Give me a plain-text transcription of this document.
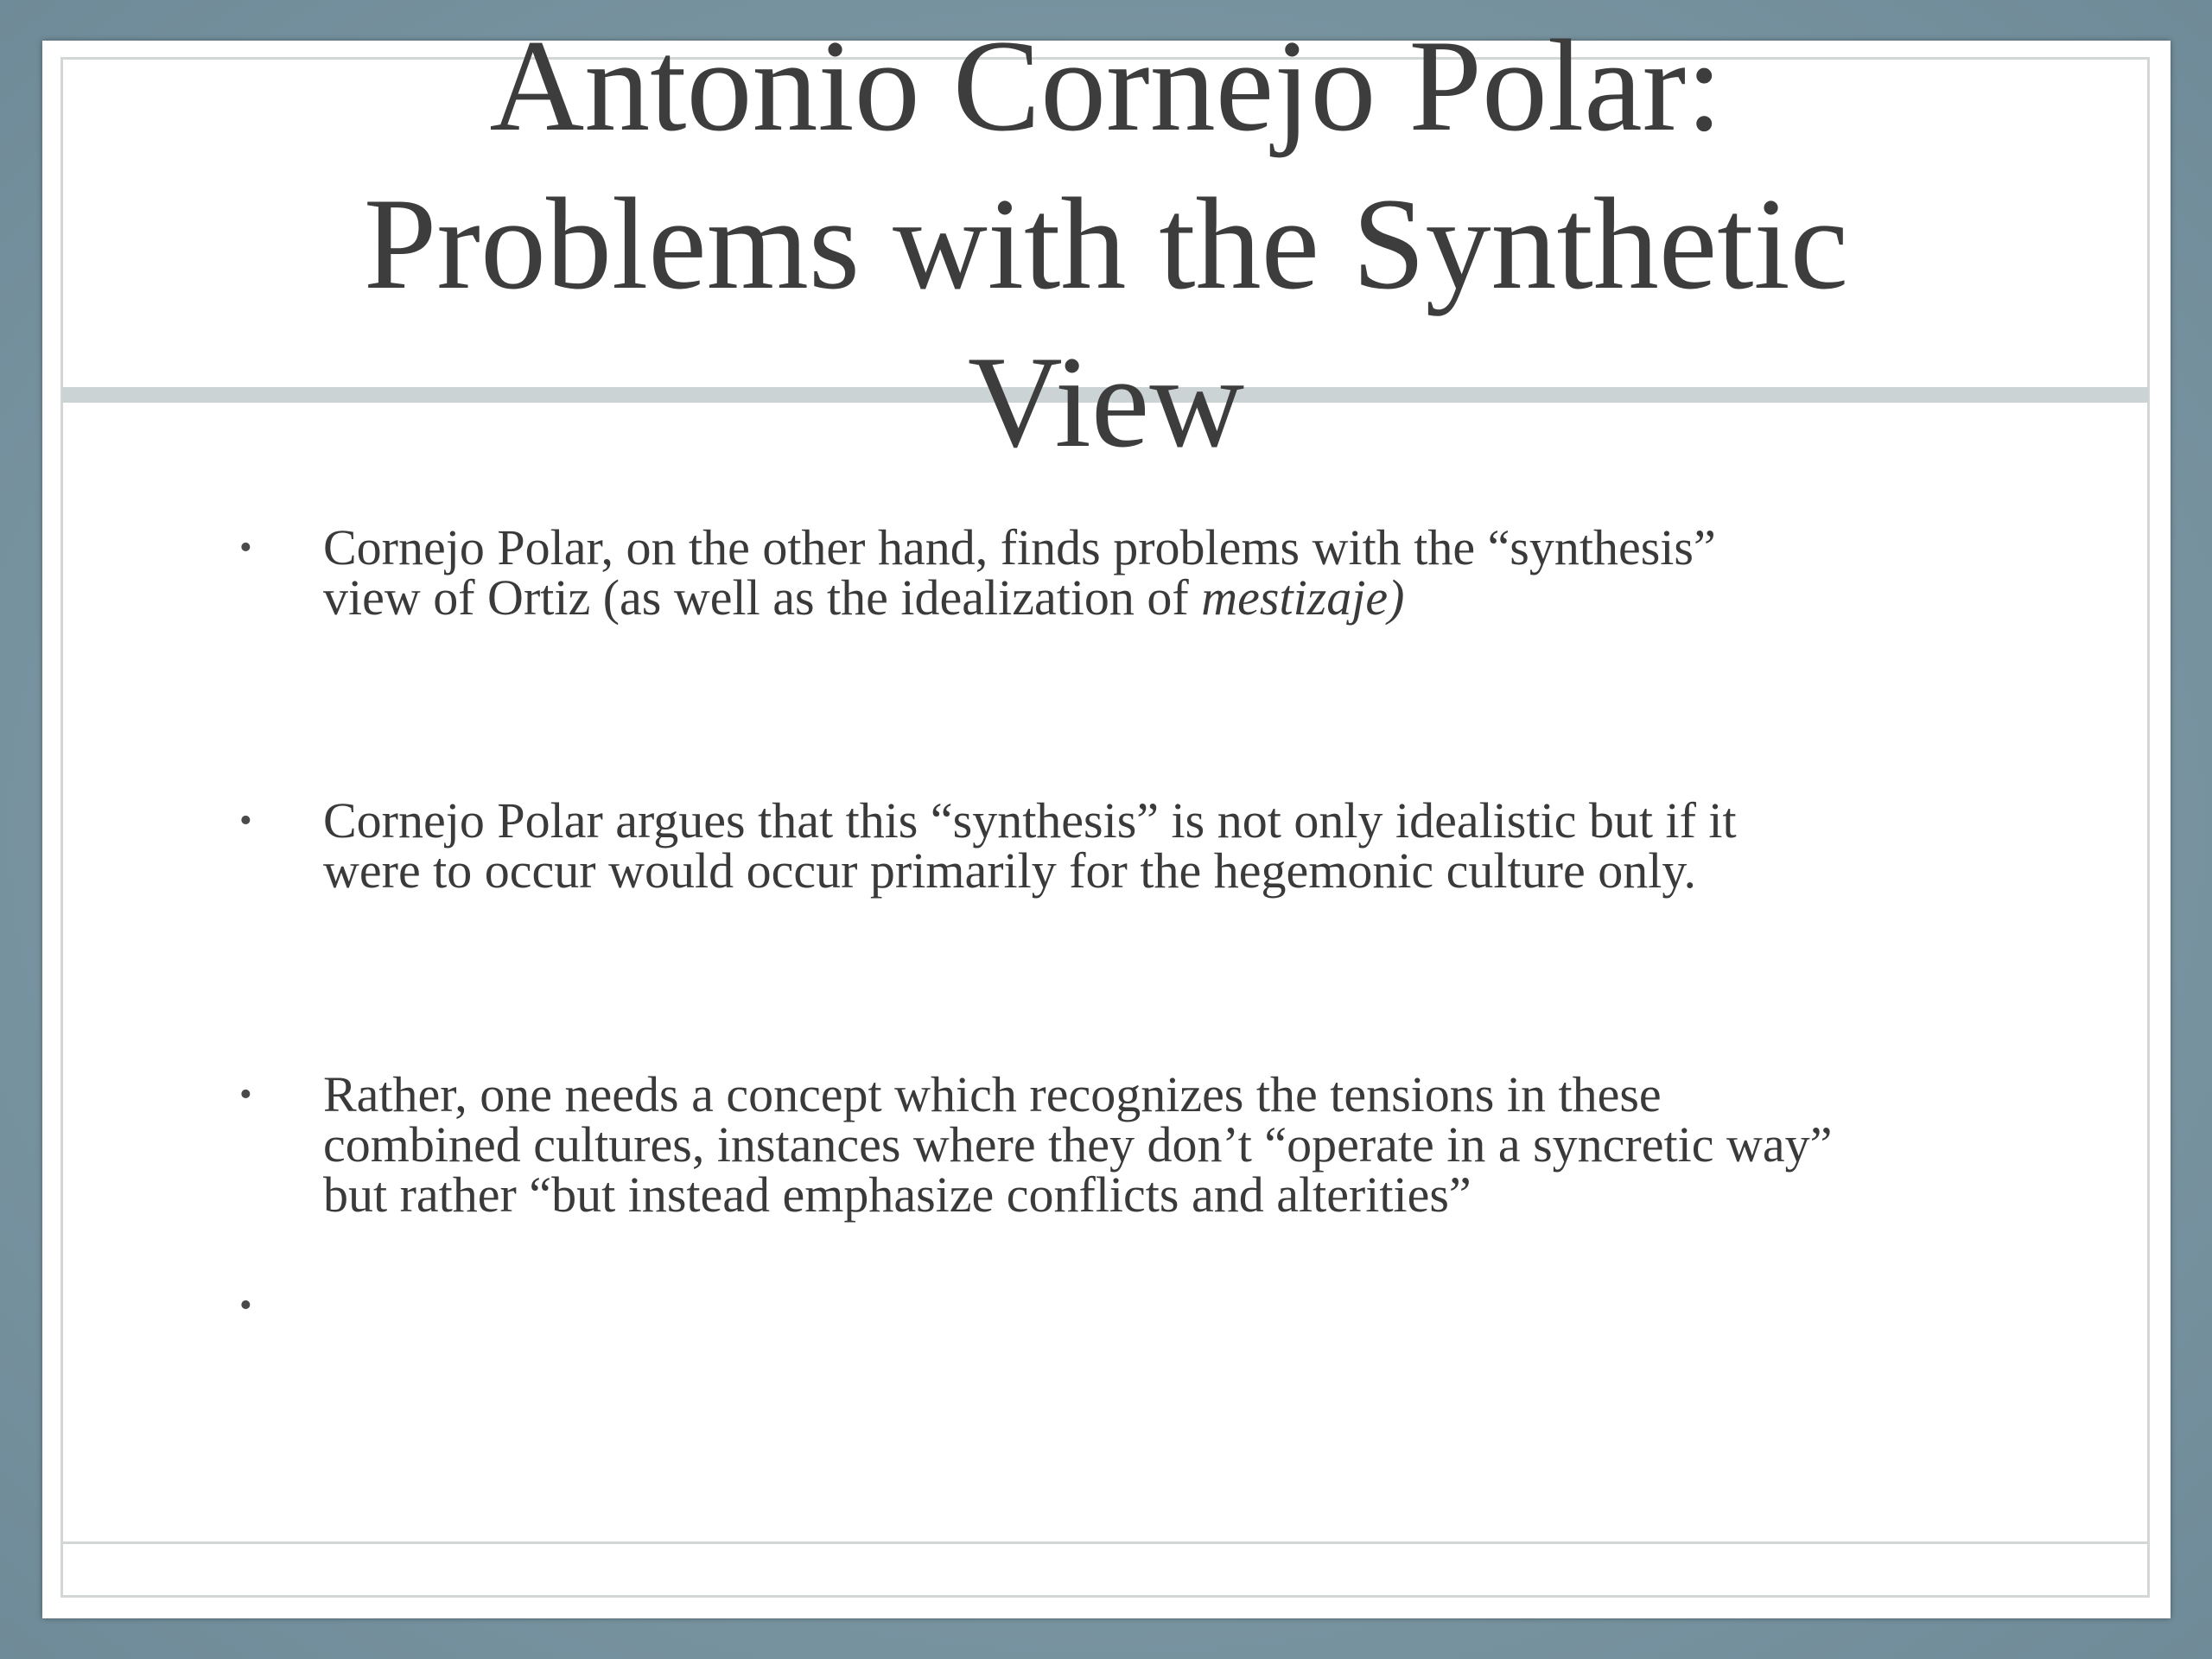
Antonio Cornejo Polar:
Problems with the Synthetic
View
• Cornejo Polar, on the other hand, finds problems with the “synthesis”
view of Ortiz (as well as the idealization of mestizaje)
• Cornejo Polar argues that this “synthesis” is not only idealistic but if it
were to occur would occur primarily for the hegemonic culture only.
• Rather, one needs a concept which recognizes the tensions in these
combined cultures, instances where they don’t “operate in a syncretic way”
but rather “but instead emphasize conflicts and alterities”
•
